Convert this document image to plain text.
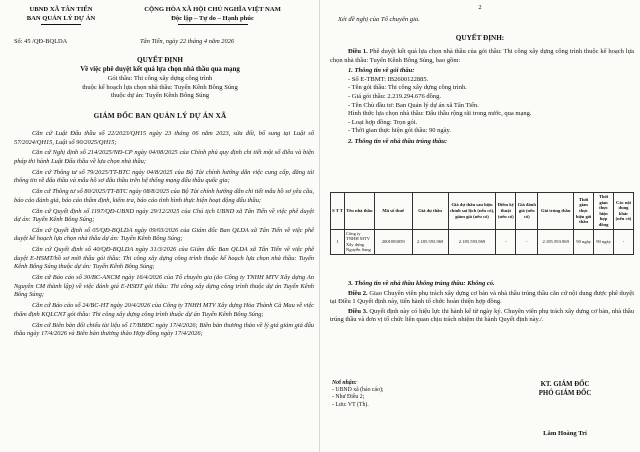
UBND XÃ TÂN TIẾN
BAN QUẢN LÝ DỰ ÁN
CỘNG HÒA XÃ HỘI CHỦ NGHĨA VIỆT NAM
Độc lập – Tự do – Hạnh phúc
Số: 45 /QĐ-BQLDA	Tân Tiến, ngày 22 tháng 4 năm 2026
QUYẾT ĐỊNH
Về việc phê duyệt kết quả lựa chọn nhà thầu qua mạng
Gói thầu: Thi công xây dựng công trình
thuộc kế hoạch lựa chọn nhà thầu: Tuyến Kênh Bông Súng
thuộc dự án: Tuyến Kênh Bông Súng
GIÁM ĐỐC BAN QUẢN LÝ DỰ ÁN XÃ

Căn cứ Luật Đấu thầu số 22/2023/QH15 ngày 23 tháng 06 năm 2023, sửa đổi, bổ sung tại Luật số 57/2024/QH15, Luật số 90/2025/QH15;

Căn cứ Nghị định số 214/2025/NĐ-CP ngày 04/08/2025 của Chính phủ quy định chi tiết một số điều và biện pháp thi hành Luật Đấu thầu về lựa chọn nhà thầu;

Căn cứ Thông tư số 79/2025/TT-BTC ngày 04/8/2025 của Bộ Tài chính hướng dẫn việc cung cấp, đăng tải thông tin về đấu thầu và mẫu hồ sơ đấu thầu trên hệ thống mạng đấu thầu quốc gia;

Căn cứ Thông tư số 80/2025/TT-BTC ngày 08/8/2025 của Bộ Tài chính hướng dẫn chi tiết mẫu hồ sơ yêu cầu, báo cáo đánh giá, báo cáo thẩm định, kiểm tra, báo cáo tình hình thực hiện hoạt động đấu thầu;

Căn cứ Quyết định số 1197/QĐ-UBND ngày 29/12/2025 của Chủ tịch UBND xã Tân Tiến về việc phê duyệt dự án: Tuyến Kênh Bông Súng;

Căn cứ Quyết định số 05/QĐ-BQLDA ngày 09/03/2026 của Giám đốc Ban QLDA xã Tân Tiến về việc phê duyệt kế hoạch lựa chọn nhà thầu dự án: Tuyến Kênh Bông Súng;

Căn cứ Quyết định số 40/QĐ-BQLDA ngày 31/3/2026 của Giám đốc Ban QLDA xã Tân Tiến về việc phê duyệt E-HSMT/hồ sơ mời thầu gói thầu: Thi công xây dựng công trình thuộc kế hoạch lựa chọn nhà thầu: Tuyến Kênh Bông Súng thuộc dự án: Tuyến Kênh Bông Súng;

Căn cứ Báo cáo số 30/BC-ANCM ngày 16/4/2026 của Tổ chuyên gia (do Công ty TNHH MTV Xây dựng An Nguyên CM thành lập) về việc đánh giá E-HSĐT gói thầu: Thi công xây dựng công trình thuộc dự án Tuyến Kênh Bông Súng;

Căn cứ Báo cáo số 24/BC-HT ngày 20/4/2026 của Công ty TNHH MTV Xây dựng Hòa Thành Cà Mau về việc thẩm định KQLCNT gói thầu: Thi công xây dựng công trình thuộc dự án Tuyến Kênh Bông Súng;

Căn cứ Biên bản đối chiếu tài liệu số 17/BBĐC ngày 17/4/2026; Biên bản thương thảo về lý giá giảm giá đấu thầu ngày 17/4/2026 và Biên bản thương thảo Hợp đồng ngày 17/4/2026;

2
Xét đề nghị của Tổ chuyên gia.
QUYẾT ĐỊNH:
Điều 1. Phê duyệt kết quả lựa chọn nhà thầu của gói thầu: Thi công xây dựng công trình thuộc kế hoạch lựa chọn nhà thầu: Tuyến Kênh Bông Súng, bao gồm:
1. Thông tin về gói thầu:
- Số E-TBMT: IB2600122885.
- Tên gói thầu: Thi công xây dựng công trình.
- Giá gói thầu: 2.219.294.676 đồng.
- Tên Chủ đầu tư: Ban Quản lý dự án xã Tân Tiến.
Hình thức lựa chọn nhà thầu: Đấu thầu rộng rãi trong nước, qua mạng.
- Loại hợp đồng: Trọn gói.
- Thời gian thực hiện gói thầu: 90 ngày.
2. Thông tin về nhà thầu trúng thầu:
S T T	Tên nhà thầu	Mã số thuế	Giá dự thầu	Giá dự thầu sau hiệu chỉnh sai lệch (nếu có), giảm giá (nếu có)	Điểm kỹ thuật (nếu có)	Giá đánh giá (nếu có)	Giá trúng thầu	Thời gian thực hiện gói thầu	Thời gian thực hiện hợp đồng	Các nội dung khác (nếu có)
1	Công ty TNHH MTV Xây dựng Nguyễn Sang	2001083059	2.185.593.969	2.185.593.969	-	-	2.185.593.969	90 ngày	90 ngày	-

3. Thông tin về nhà thầu không trúng thầu: Không có.

Điều 2. Giao Chuyên viên phụ trách xây dựng cơ bản và nhà thầu trúng thầu căn cứ nội dung được phê duyệt tại Điều 1 Quyết định này, tiến hành tổ chức hoàn thiện hợp đồng.

Điều 3. Quyết định này có hiệu lực thi hành kể từ ngày ký. Chuyên viên phụ trách xây dựng cơ bản, nhà thầu trúng thầu và đơn vị tổ chức liên quan chịu trách nhiệm thi hành Quyết định này./.

Nơi nhận:
- UBND xã (báo cáo);
- Như Điều 2;
- Lưu: VT (Th).
KT. GIÁM ĐỐC
PHÓ GIÁM ĐỐC
Lâm Hoàng Trí
